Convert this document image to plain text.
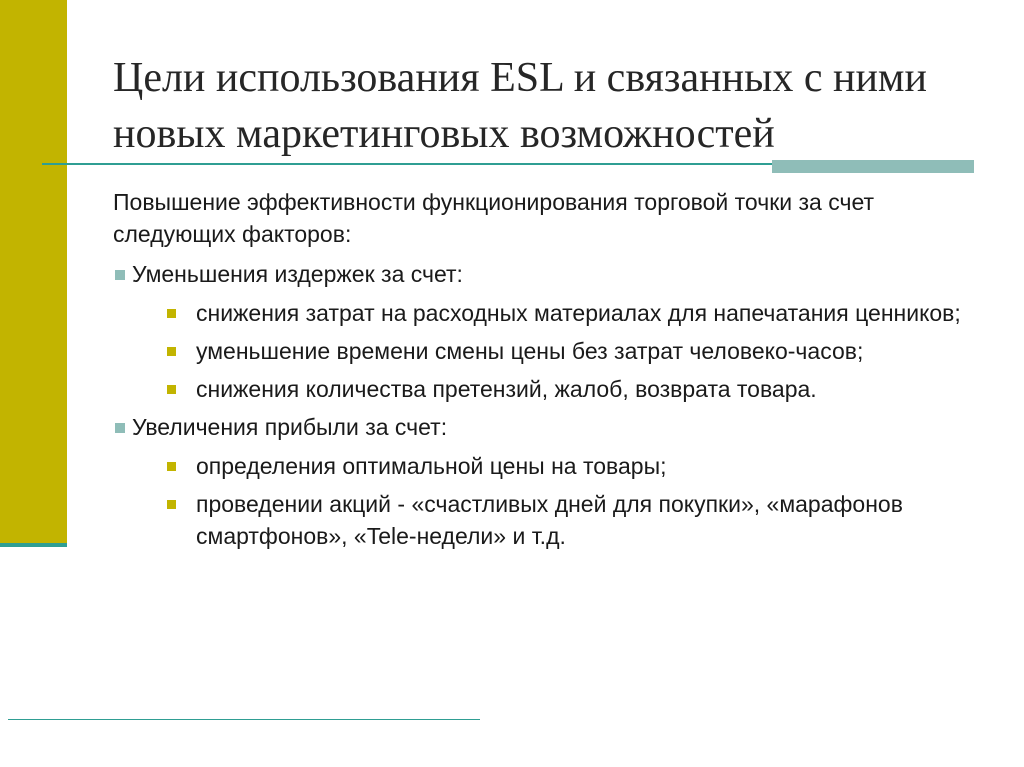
Цели использования ESL и связанных с ними новых маркетинговых возможностей

Повышение эффективности функционирования торговой точки за счет следующих факторов:

Уменьшения издержек за счет:
снижения затрат на расходных материалах для напечатания ценников;
уменьшение времени смены цены без затрат человеко-часов;
снижения количества претензий, жалоб, возврата товара.
Увеличения прибыли за счет:
определения оптимальной цены на товары;
проведении акций - «счастливых дней для покупки», «марафонов смартфонов», «Tele-недели» и т.д.
